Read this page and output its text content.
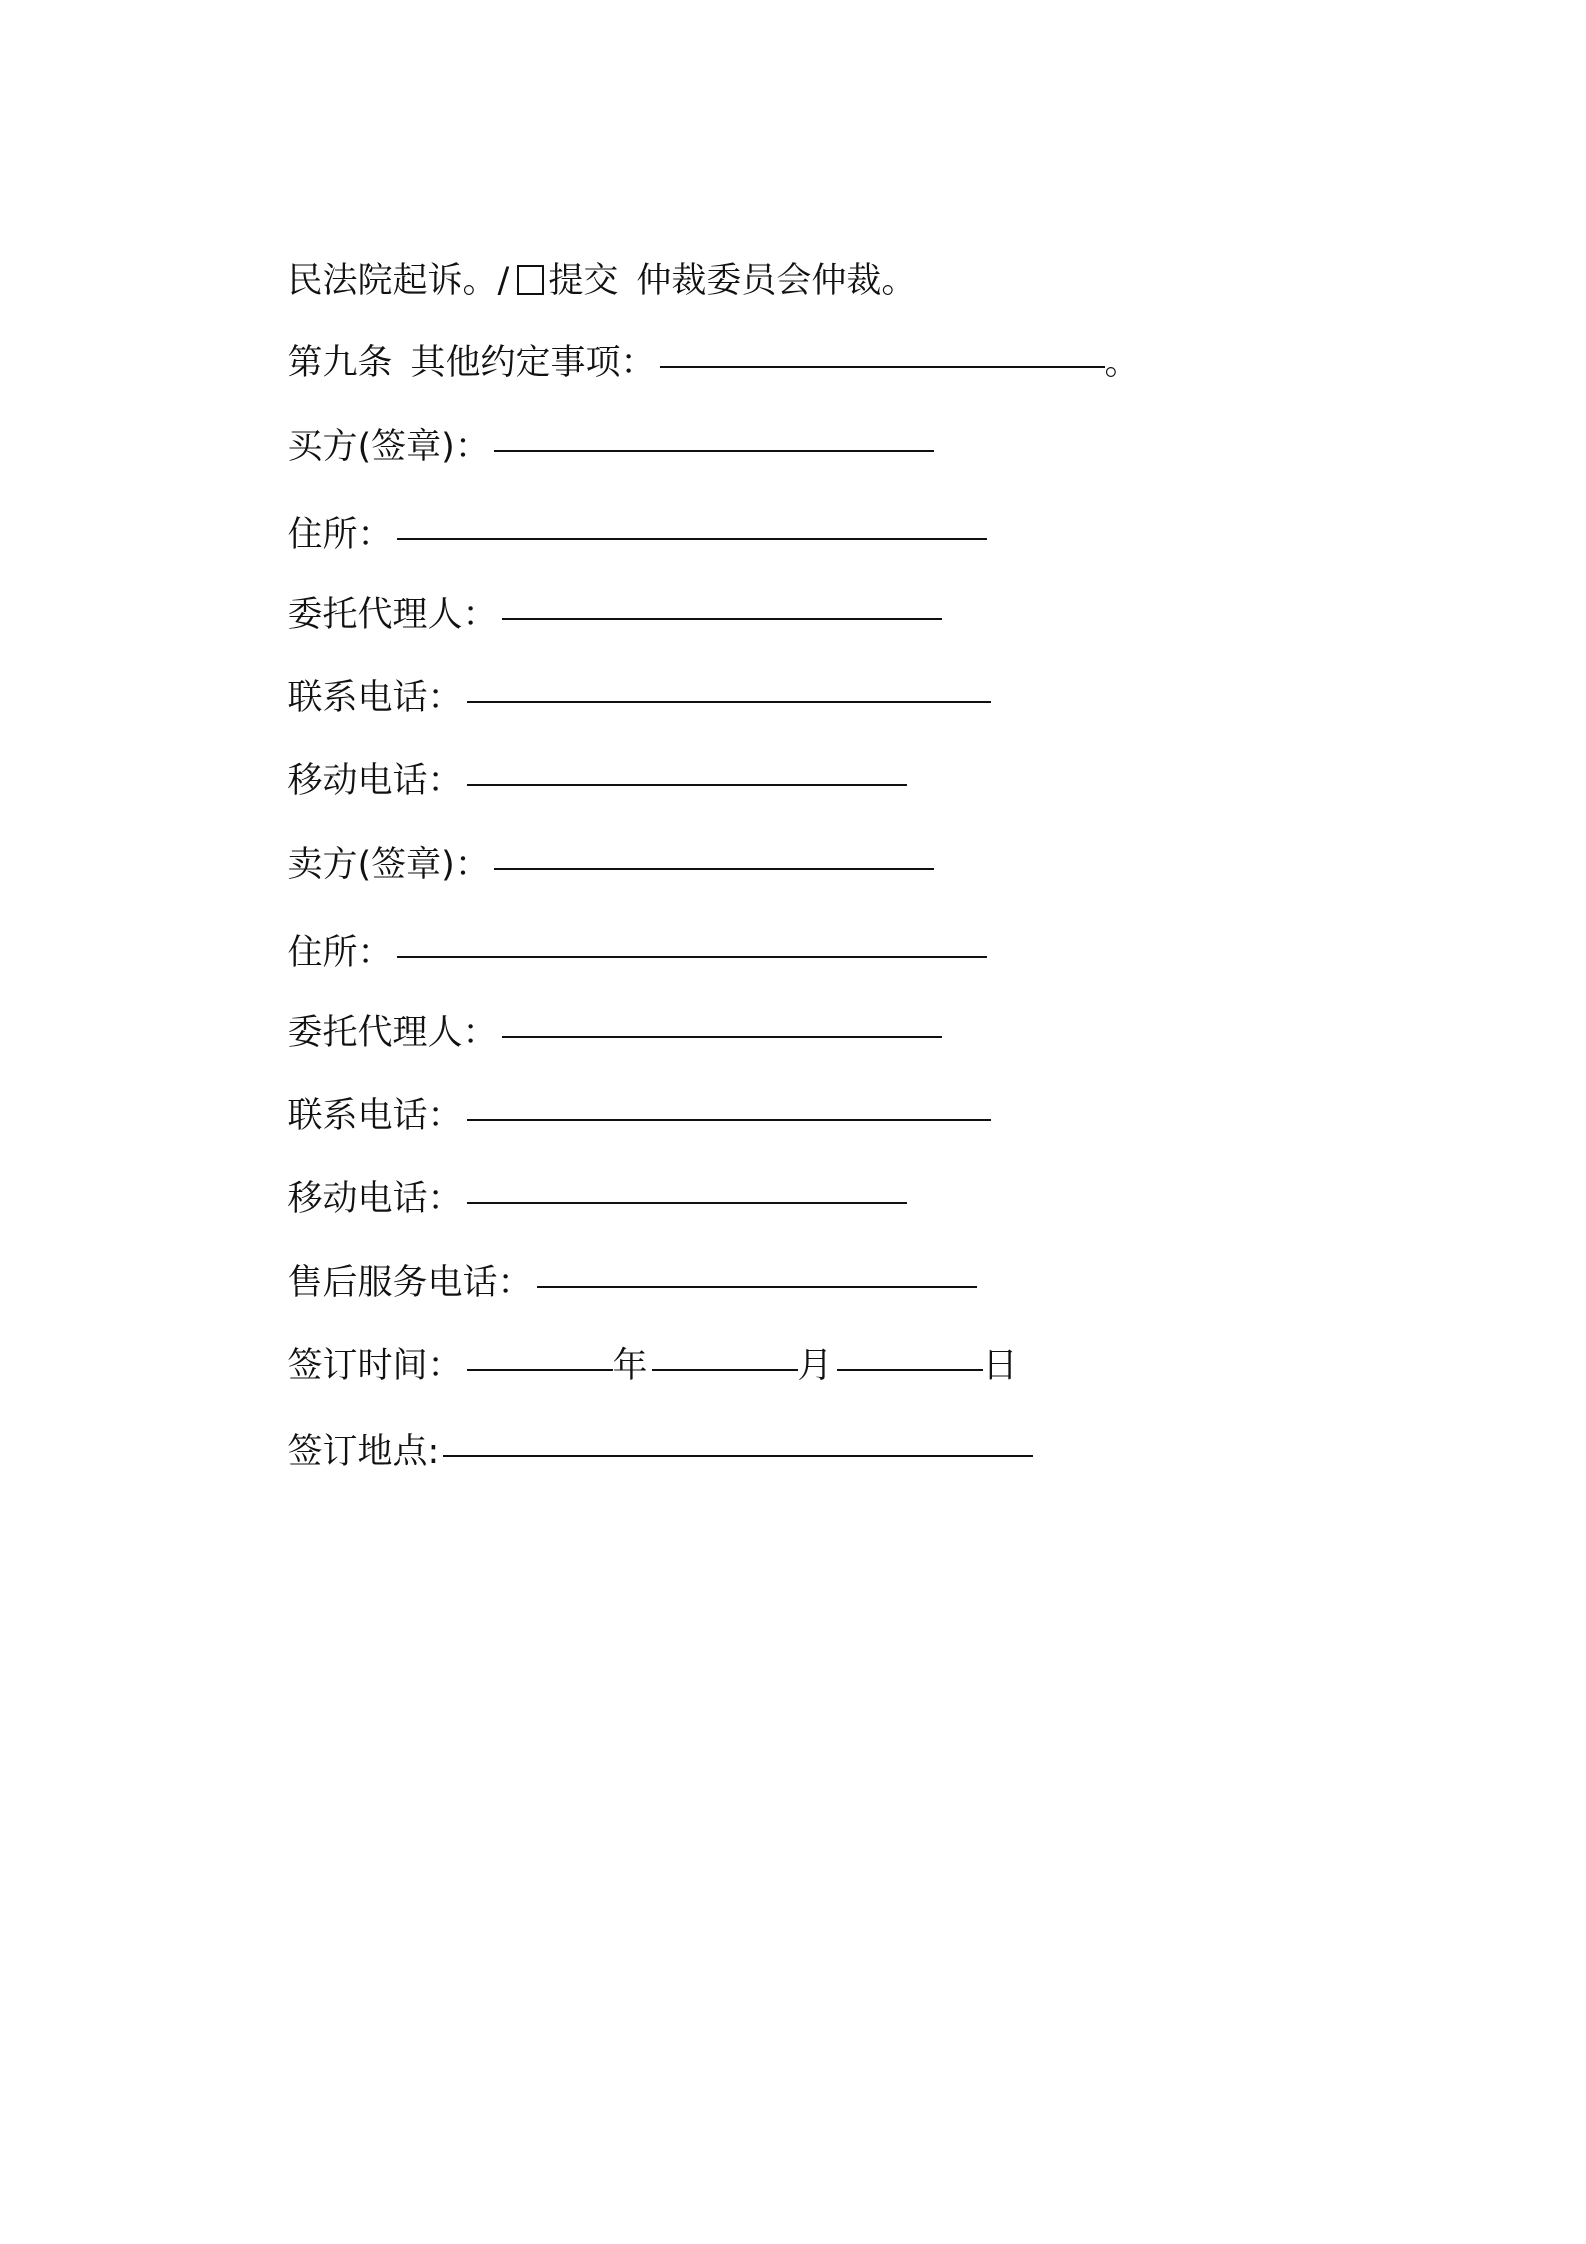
民法院起诉。/ 提交 仲裁委员会仲裁。

第九条 其他约定事项：	。

买方(签章)：

住所：

委托代理人：

联系电话：

移动电话：

卖方(签章)：

住所：

委托代理人：

联系电话：

移动电话：

售后服务电话：

签订时间：	年	月	日

签订地点:
